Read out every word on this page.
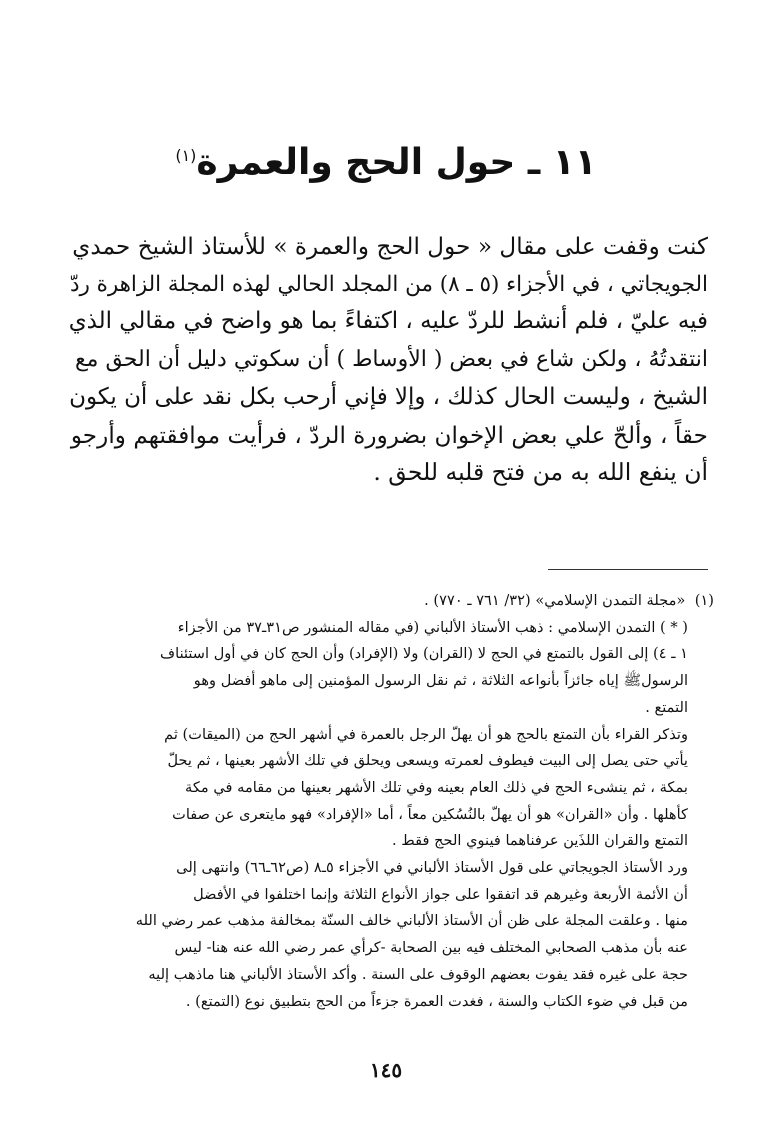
١١ ـ حول الحج والعمرة$^{(١)}$
كنت وقفت على مقال « حول الحج والعمرة » للأستاذ الشيخ حمدي
الجويجاتي ، في الأجزاء (٥ ـ ٨) من المجلد الحالي لهذه المجلة الزاهرة ردّ
فيه عليّ ، فلم أنشط للردّ عليه ، اكتفاءً بما هو واضح في مقالي الذي
انتقدتُهُ ، ولكن شاع في بعض ( الأوساط ) أن سكوتي دليل أن الحق مع
الشيخ ، وليست الحال كذلك ، وإلا فإني أرحب بكل نقد على أن يكون
حقاً ، وألحّ علي بعض الإخوان بضرورة الردّ ، فرأيت موافقتهم وأرجو
أن ينفع الله به من فتح قلبه للحق .
(١) «مجلة التمدن الإسلامي» (٣٢/ ٧٦١ ـ ٧٧٠) .
( * ) التمدن الإسلامي : ذهب الأستاذ الألباني (في مقاله المنشور ص٣١ـ٣٧ من الأجزاء
١ ـ ٤) إلى القول بالتمتع في الحج لا (القران) ولا (الإفراد) وأن الحج كان في أول استئناف
الرسولﷺ إياه جائزاً بأنواعه الثلاثة ، ثم نقل الرسول المؤمنين إلى ماهو أفضل وهو
التمتع .
وتذكر القراء بأن التمتع بالحج هو أن يهلّ الرجل بالعمرة في أشهر الحج من (الميقات) ثم
يأتي حتى يصل إلى البيت فيطوف لعمرته ويسعى ويحلق في تلك الأشهر بعينها ، ثم يحلّ
بمكة ، ثم ينشىء الحج في ذلك العام بعينه وفي تلك الأشهر بعينها من مقامه في مكة
كأهلها . وأن «القران» هو أن يهلّ بالنُسُكين معاً ، أما «الإفراد» فهو مايتعرى عن صفات
التمتع والقران اللذَين عرفناهما فينوي الحج فقط .
ورد الأستاذ الجويجاتي على قول الأستاذ الألباني في الأجزاء ٥ـ٨ (ص٦٢ـ٦٦) وانتهى إلى
أن الأئمة الأربعة وغيرهم قد اتفقوا على جواز الأنواع الثلاثة وإنما اختلفوا في الأفضل
منها . وعلقت المجلة على ظن أن الأستاذ الألباني خالف السنّة بمخالفة مذهب عمر رضي الله
عنه بأن مذهب الصحابي المختلف فيه بين الصحابة -كرأي عمر رضي الله عنه هنا- ليس
حجة على غيره فقد يفوت بعضهم الوقوف على السنة . وأكد الأستاذ الألباني هنا ماذهب إليه
من قبل في ضوء الكتاب والسنة ، فغدت العمرة جزءاً من الحج بتطبيق نوع (التمتع) .
١٤٥
